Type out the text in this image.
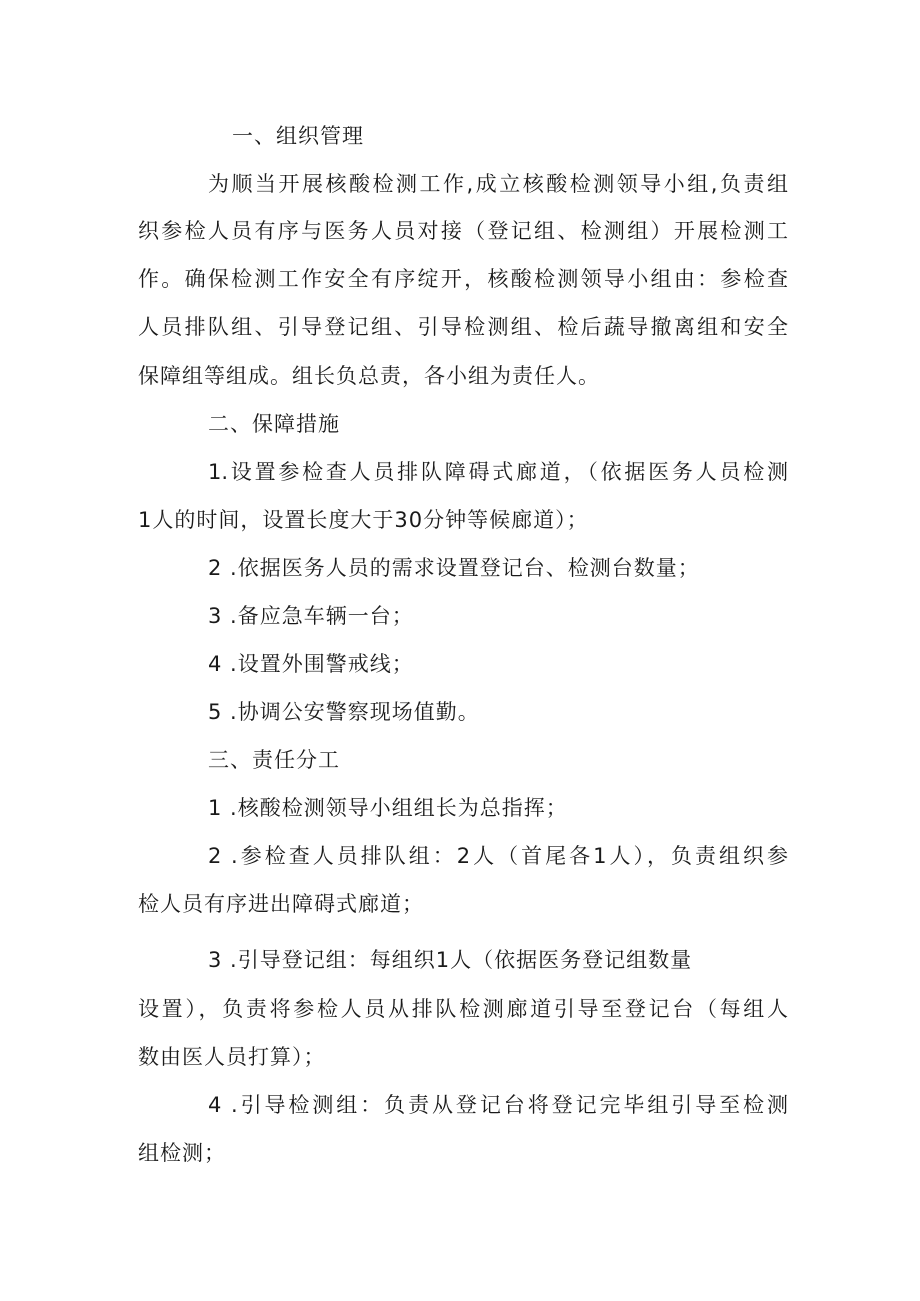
一、组织管理
为顺当开展核酸检测工作,成立核酸检测领导小组,负责组
织参检人员有序与医务人员对接（登记组、检测组）开展检测工
作。确保检测工作安全有序绽开，核酸检测领导小组由：参检查
人员排队组、引导登记组、引导检测组、检后蔬导撤离组和安全
保障组等组成。组长负总责，各小组为责任人。
二、保障措施
1.设置参检查人员排队障碍式廊道，（依据医务人员检测
1人的时间，设置长度大于30分钟等候廊道）；
2 .依据医务人员的需求设置登记台、检测台数量；
3 .备应急车辆一台；
4 .设置外围警戒线；
5 .协调公安警察现场值勤。
三、责任分工
1 .核酸检测领导小组组长为总指挥；
2 .参检查人员排队组：2人（首尾各1人），负责组织参
检人员有序进出障碍式廊道；
3 .引导登记组：每组织1人（依据医务登记组数量
设置），负责将参检人员从排队检测廊道引导至登记台（每组人
数由医人员打算）；
4 .引导检测组：负责从登记台将登记完毕组引导至检测
组检测；
